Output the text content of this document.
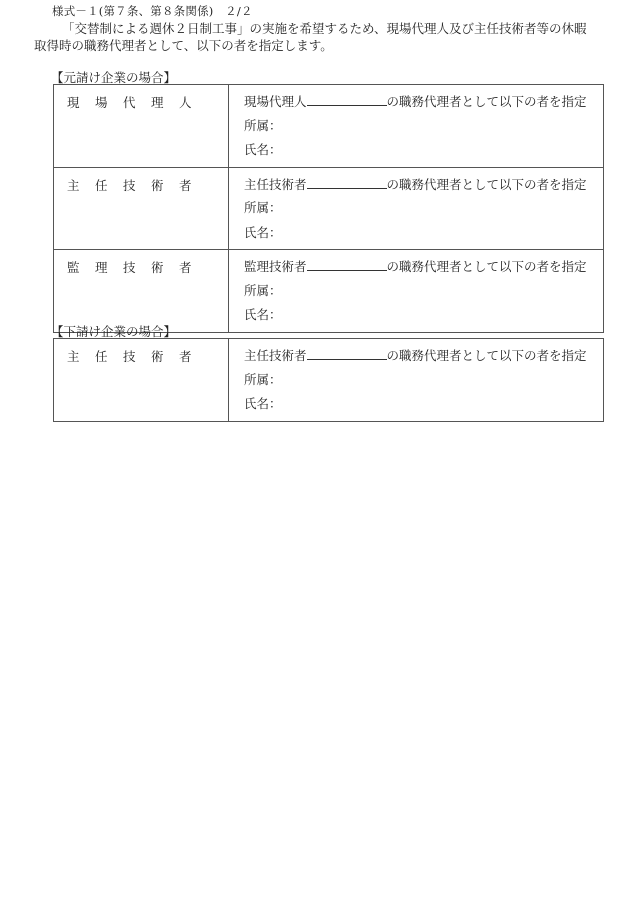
様式－１(第７条、第８条関係)　２/２
「交替制による週休２日制工事」の実施を希望するため、現場代理人及び主任技術者等の休暇
取得時の職務代理者として、以下の者を指定します。
【元請け企業の場合】
現場代理人	現場代理人 の職務代理者として以下の者を指定
所属：
氏名：

主任技術者	主任技術者 の職務代理者として以下の者を指定
所属：
氏名：

監理技術者	監理技術者 の職務代理者として以下の者を指定
所属：
氏名：
【下請け企業の場合】
主任技術者	主任技術者	の職務代理者として以下の者を指定
所属：
氏名：
